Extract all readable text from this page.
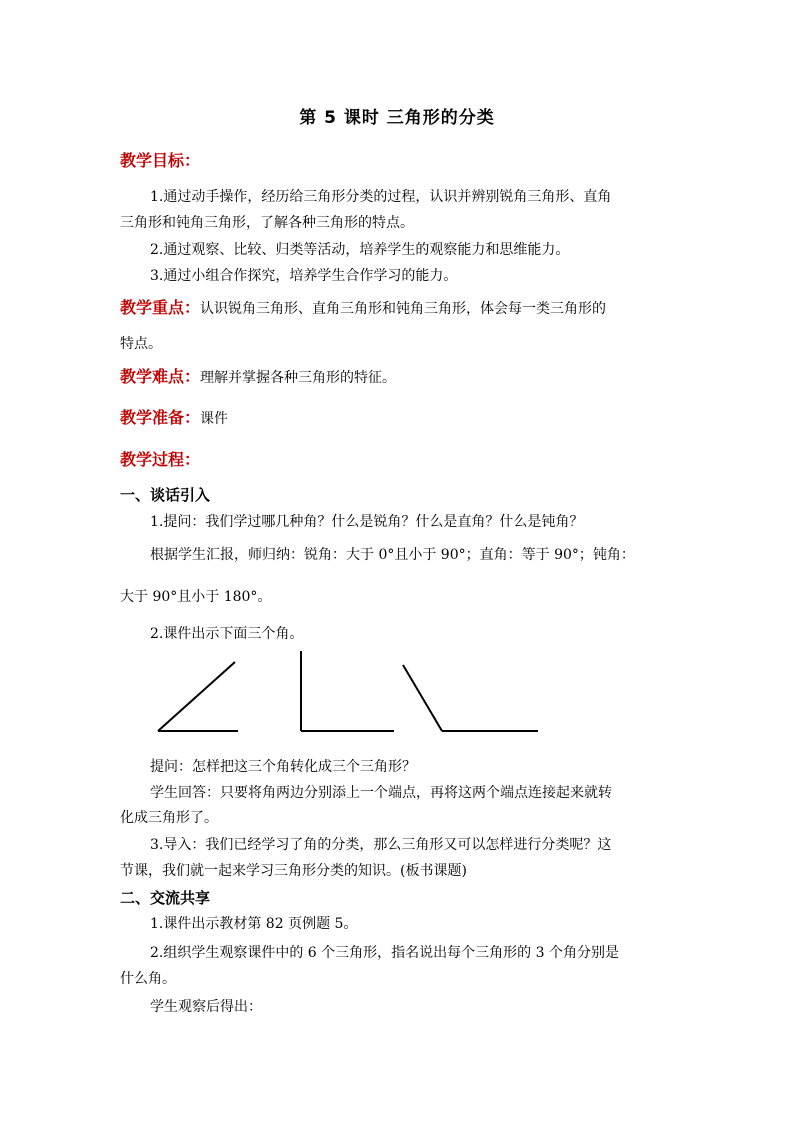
第 5 课时 三角形的分类
教学目标：
1.通过动手操作，经历给三角形分类的过程，认识并辨别锐角三角形、直角
三角形和钝角三角形，了解各种三角形的特点。
2.通过观察、比较、归类等活动，培养学生的观察能力和思维能力。
3.通过小组合作探究，培养学生合作学习的能力。
教学重点：认识锐角三角形、直角三角形和钝角三角形，体会每一类三角形的
特点。
教学难点：理解并掌握各种三角形的特征。
教学准备：课件
教学过程：
一、谈话引入
1.提问：我们学过哪几种角？什么是锐角？什么是直角？什么是钝角？
根据学生汇报，师归纳：锐角：大于 0°且小于 90°；直角：等于 90°；钝角：
大于 90°且小于 180°。
2.课件出示下面三个角。
提问：怎样把这三个角转化成三个三角形？
学生回答：只要将角两边分别添上一个端点，再将这两个端点连接起来就转
化成三角形了。
3.导入：我们已经学习了角的分类，那么三角形又可以怎样进行分类呢？这
节课，我们就一起来学习三角形分类的知识。(板书课题)
二、交流共享
1.课件出示教材第 82 页例题 5。
2.组织学生观察课件中的 6 个三角形，指名说出每个三角形的 3 个角分别是
什么角。
学生观察后得出：
